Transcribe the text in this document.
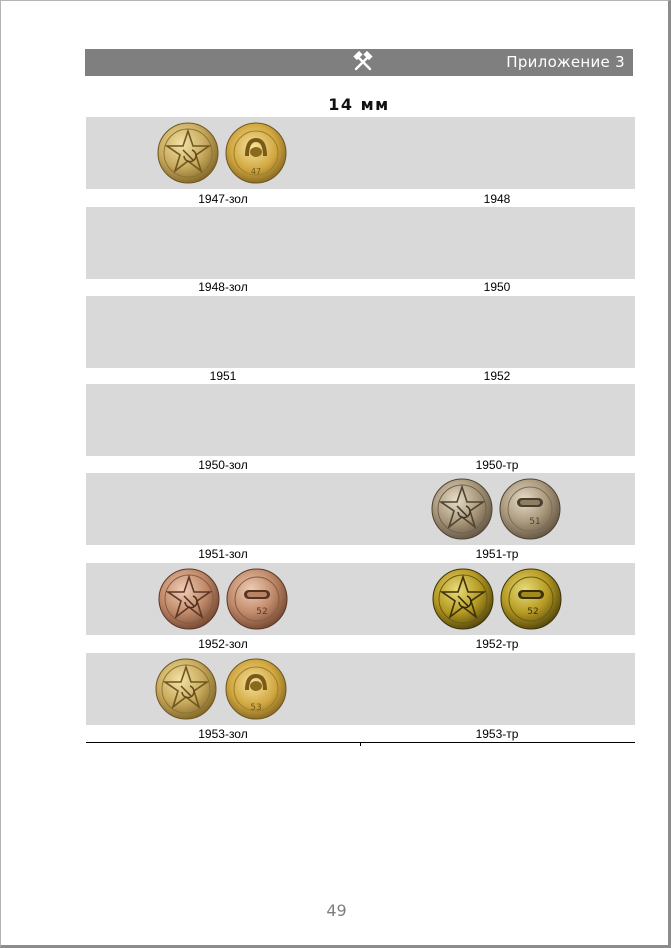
Приложение 3
14 мм
47
51
52	52
53
1947-зол	1948
1948-зол	1950
1951	1952
1950-зол	1950-тр
1951-зол	1951-тр
1952-зол	1952-тр
1953-зол	1953-тр
49
